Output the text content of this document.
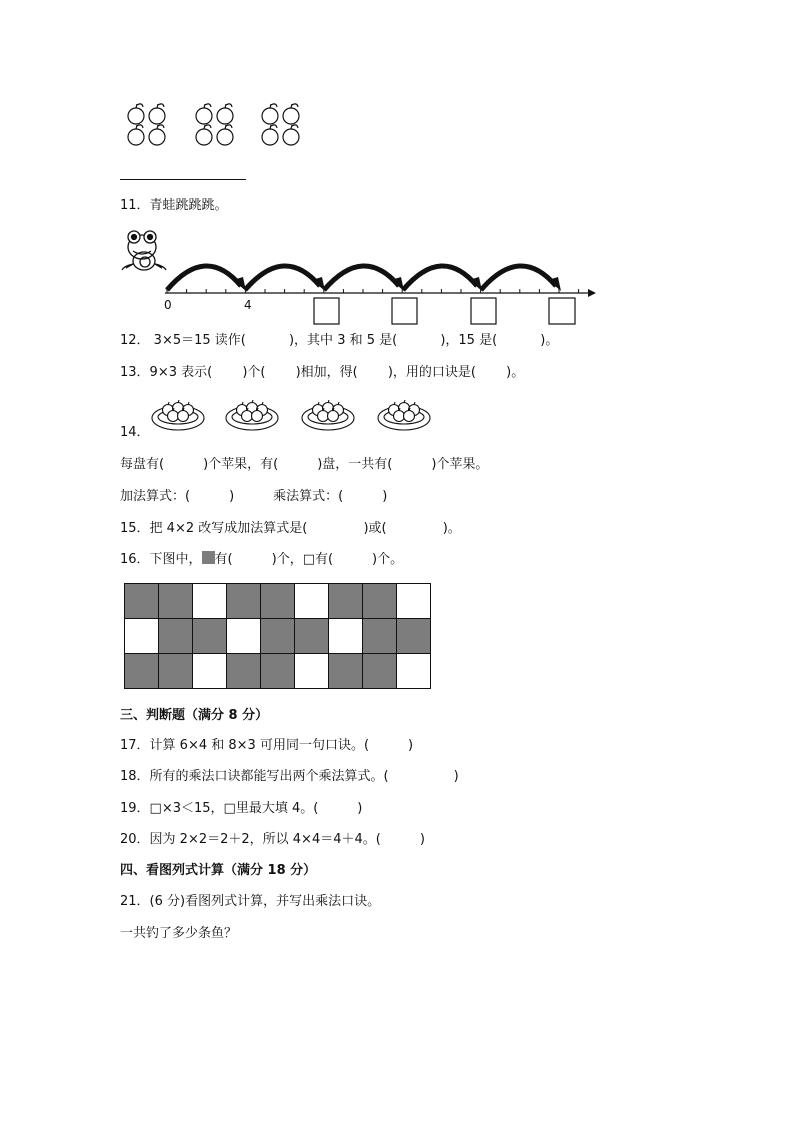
11．青蛙跳跳跳。
0	4
12． 3×5＝15 读作(　　　 )，其中 3 和 5 是(　　　 )，15 是(　　　 )。
13．9×3 表示(　　 )个(　　 )相加，得(　　 )，用的口诀是(　　 )。
14．
每盘有(　　　)个苹果，有(　　　)盘，一共有(　　　)个苹果。
加法算式：(　　　)　　　乘法算式：(　　　)
15．把 4×2 改写成加法算式是(　　　　 )或(　　　　 )。
16．下图中， 有(　　　)个，□有(　　　)个。

三、判断题（满分 8 分）
17．计算 6×4 和 8×3 可用同一句口诀。(　　　)
18．所有的乘法口诀都能写出两个乘法算式。(　　　　　)
19．□×3＜15，□里最大填 4。(　　　)
20．因为 2×2＝2＋2，所以 4×4＝4＋4。(　　　)
四、看图列式计算（满分 18 分）
21．(6 分)看图列式计算，并写出乘法口诀。
一共钓了多少条鱼？
